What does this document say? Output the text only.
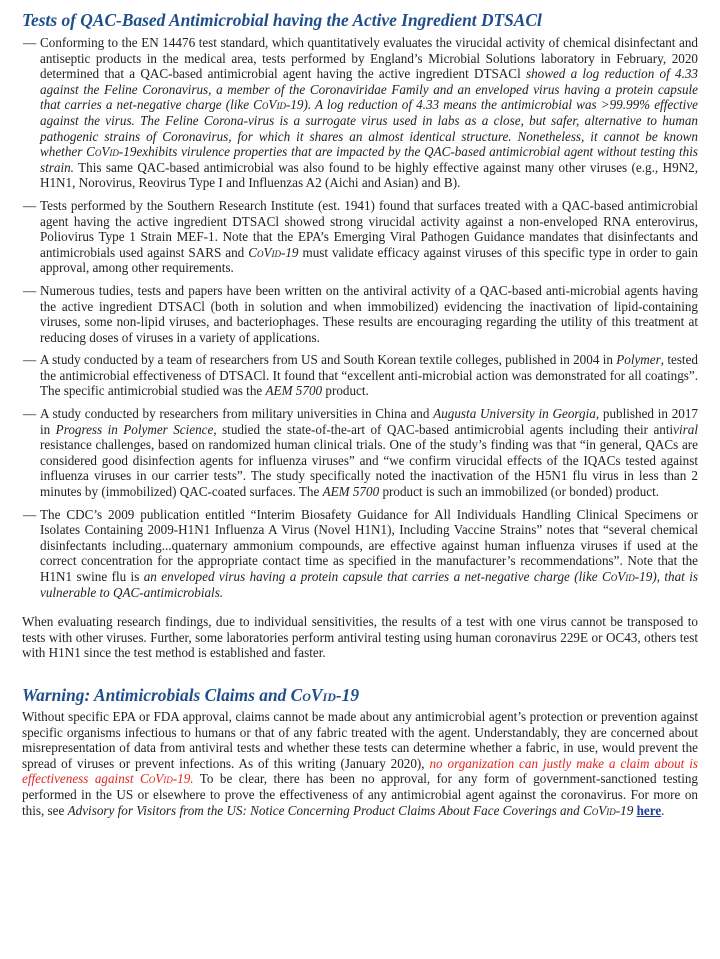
Tests of QAC-Based Antimicrobial having the Active Ingredient DTSACl
— Conforming to the EN 14476 test standard, which quantitatively evaluates the virucidal activity of chemical disinfectant and antiseptic products in the medical area, tests performed by England’s Microbial Solutions laboratory in February, 2020 determined that a QAC-based antimicrobial agent having the active ingredient DTSACl showed a log reduction of 4.33 against the Feline Coronavirus, a member of the Coronaviridae Family and an enveloped virus having a protein capsule that carries a net-negative charge (like CoVid-19). A log reduction of 4.33 means the antimicrobial was >99.99% effective against the virus. The Feline Corona-virus is a surrogate virus used in labs as a close, but safer, alternative to human pathogenic strains of Coronavirus, for which it shares an almost identical structure. Nonetheless, it cannot be known whether CoVid-19exhibits virulence properties that are impacted by the QAC-based antimicrobial agent without testing this strain. This same QAC-based antimicrobial was also found to be highly effective against many other viruses (e.g., H9N2, H1N1, Norovirus, Reovirus Type I and Influenzas A2 (Aichi and Asian) and B).
— Tests performed by the Southern Research Institute (est. 1941) found that surfaces treated with a QAC-based antimicrobial agent having the active ingredient DTSACl showed strong virucidal activity against a non-enveloped RNA enterovirus, Poliovirus Type 1 Strain MEF-1. Note that the EPA’s Emerging Viral Pathogen Guidance mandates that disinfectants and antimicrobials used against SARS and CoVid-19 must validate efficacy against viruses of this specific type in order to gain approval, among other requirements.
— Numerous tudies, tests and papers have been written on the antiviral activity of a QAC-based anti-microbial agents having the active ingredient DTSACl (both in solution and when immobilized) evidencing the inactivation of lipid-containing viruses, some non-lipid viruses, and bacteriophages. These results are encouraging regarding the utility of this treatment at reducing doses of viruses in a variety of applications.
— A study conducted by a team of researchers from US and South Korean textile colleges, published in 2004 in Polymer, tested the antimicrobial effectiveness of DTSACl. It found that “excellent anti-microbial action was demonstrated for all coatings”. The specific antimicrobial studied was the AEM 5700 product.
— A study conducted by researchers from military universities in China and Augusta University in Georgia, published in 2017 in Progress in Polymer Science, studied the state-of-the-art of QAC-based antimicrobial agents including their antiviral resistance challenges, based on randomized human clinical trials. One of the study’s finding was that “in general, QACs are considered good disinfection agents for influenza viruses” and “we confirm virucidal effects of the IQACs tested against influenza viruses in our carrier tests”. The study specifically noted the inactivation of the H5N1 flu virus in less than 2 minutes by (immobilized) QAC-coated surfaces. The AEM 5700 product is such an immobilized (or bonded) product.
— The CDC’s 2009 publication entitled “Interim Biosafety Guidance for All Individuals Handling Clinical Specimens or Isolates Containing 2009-H1N1 Influenza A Virus (Novel H1N1), Including Vaccine Strains” notes that “several chemical disinfectants including...quaternary ammonium compounds, are effective against human influenza viruses if used at the correct concentration for the appropriate contact time as specified in the manufacturer’s recommendations”. Note that the H1N1 swine flu is an enveloped virus having a protein capsule that carries a net-negative charge (like CoVid-19), that is vulnerable to QAC-antimicrobials.

When evaluating research findings, due to individual sensitivities, the results of a test with one virus cannot be transposed to tests with other viruses. Further, some laboratories perform antiviral testing using human coronavirus 229E or OC43, others test with H1N1 since the test method is established and faster.

Warning: Antimicrobials Claims and CoVid-19

Without specific EPA or FDA approval, claims cannot be made about any antimicrobial agent’s protection or prevention against specific organisms infectious to humans or that of any fabric treated with the agent. Understandably, they are concerned about misrepresentation of data from antiviral tests and whether these tests can determine whether a fabric, in use, would prevent the spread of viruses or prevent infections. As of this writing (January 2020), no organization can justly make a claim about is effectiveness against CoVid-19. To be clear, there has been no approval, for any form of government-sanctioned testing performed in the US or elsewhere to prove the effectiveness of any antimicrobial agent against the coronavirus. For more on this, see Advisory for Visitors from the US: Notice Concerning Product Claims About Face Coverings and CoVid-19 here.
